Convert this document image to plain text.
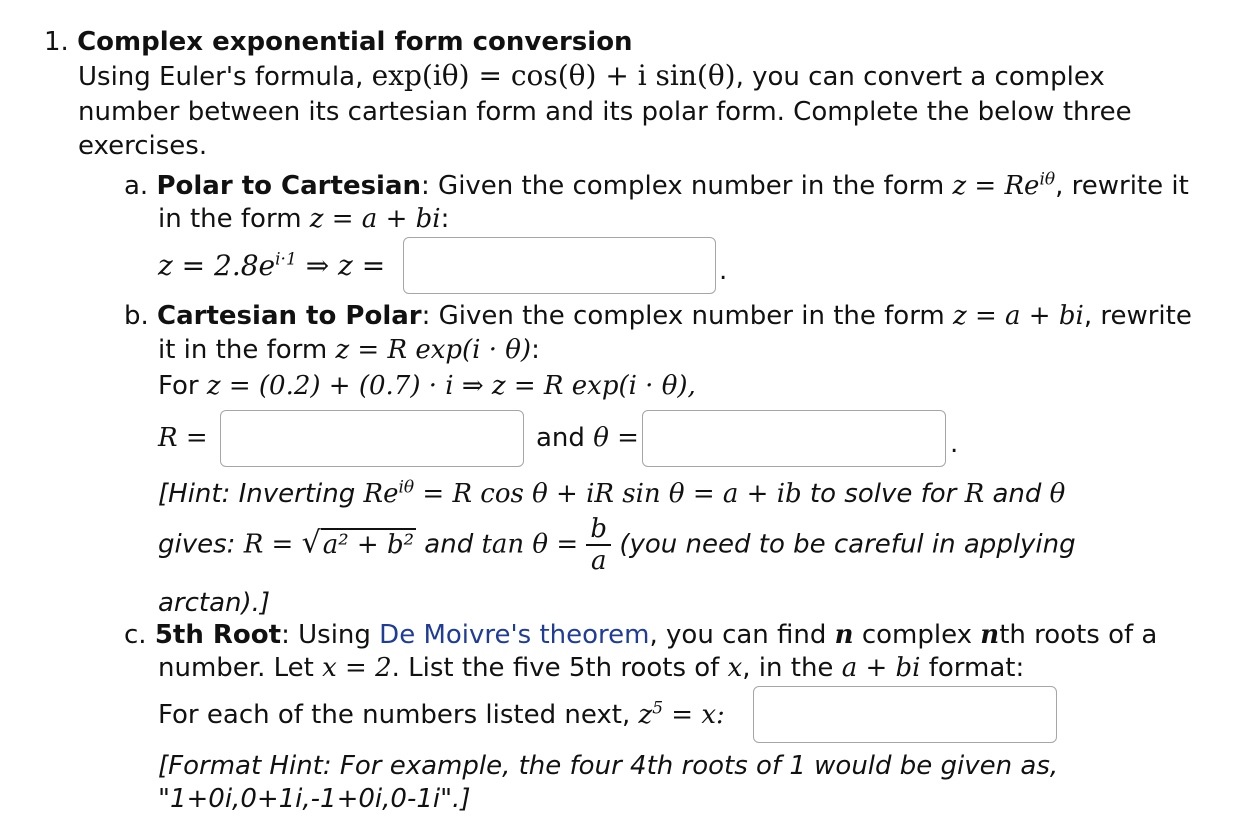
1. Complex exponential form conversion
Using Euler's formula, exp(iθ) = cos(θ) + i sin(θ), you can convert a complex
number between its cartesian form and its polar form. Complete the below three
exercises.
a. Polar to Cartesian: Given the complex number in the form $z = Re^{i\theta}$, rewrite it
in the form z = a + bi:
$z = 2.8e^{i\cdot 1}$ ⇒ z =	.
b. Cartesian to Polar: Given the complex number in the form z = a + bi, rewrite
it in the form z = R exp(i · θ):
For z = (0.2) + (0.7) · i ⇒ z = R exp(i · θ),
R =	and θ =	.
[Hint: Inverting $Re^{i\theta} = R$ cos θ + iR sin θ = a + ib to solve for R and θ
gives: R = √a² + b² and $\tan \theta = \frac{b}{a} (you$ need to be careful in applying
arctan).]
c. 5th Root: Using De Moivre's theorem, you can find n complex nth roots of a
number. Let x = 2. List the five 5th roots of x, in the a + bi format:
For each of the numbers listed next, $z^5 = x$:
[Format Hint: For example, the four 4th roots of 1 would be given as,
"1+0i,0+1i,-1+0i,0-1i".]
